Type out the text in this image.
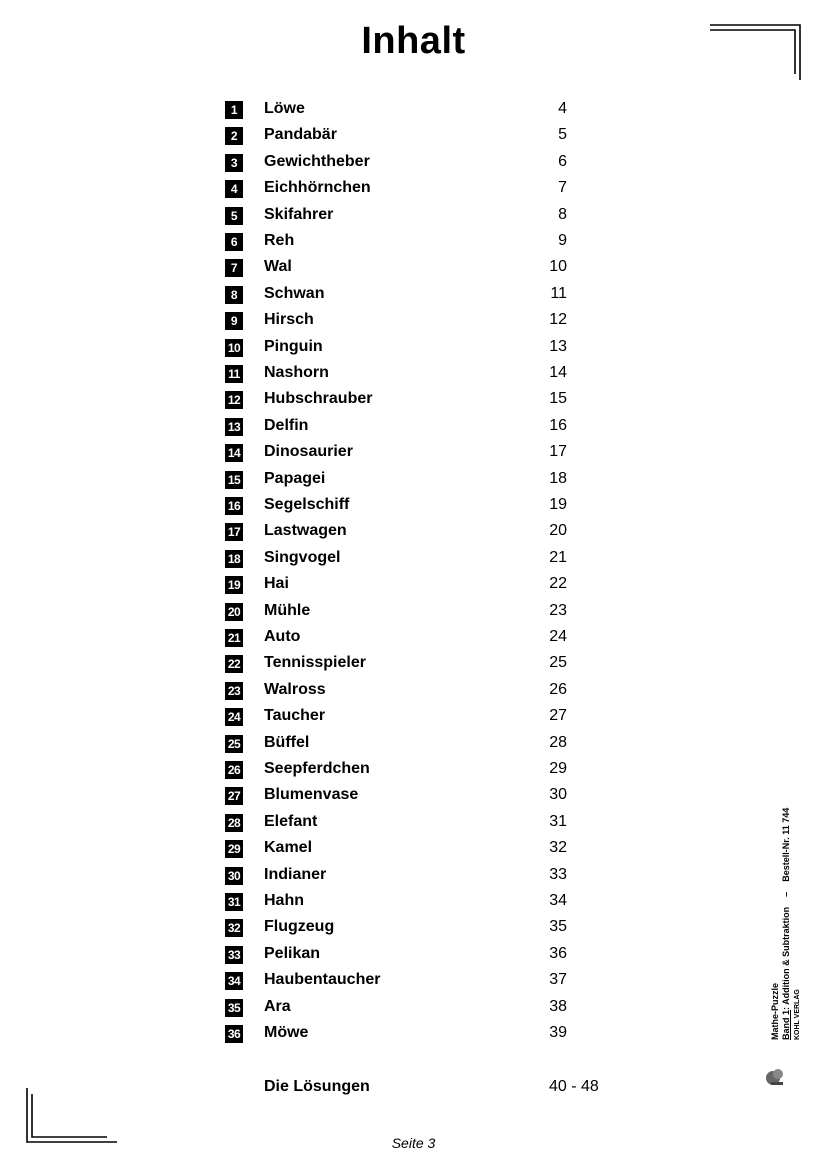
Inhalt
1	Löwe	4
2	Pandabär	5
3	Gewichtheber	6
4	Eichhörnchen	7
5	Skifahrer	8
6	Reh	9
7	Wal	10
8	Schwan	11
9	Hirsch	12
10 Pinguin	13
11 Nashorn	14
12 Hubschrauber	15
13 Delfin	16
14 Dinosaurier	17
15 Papagei	18
16 Segelschiff	19
17 Lastwagen	20
18 Singvogel	21
19 Hai	22
20 Mühle	23
21 Auto	24
22 Tennisspieler	25
23 Walross	26
24 Taucher	27
25 Büffel	28
26 Seepferdchen	29
27 Blumenvase	30
28 Elefant	31
29 Kamel	32
30 Indianer	33
31 Hahn	34
32 Flugzeug	35
33 Pelikan	36
34 Haubentaucher	37
35 Ara	38
36 Möwe	39
Die Lösungen	40 - 48
Mathe-Puzzle Band 1: Addition & Subtraktion    –    Bestell-Nr. 11 744
KOHL VERLAG
Seite 3
